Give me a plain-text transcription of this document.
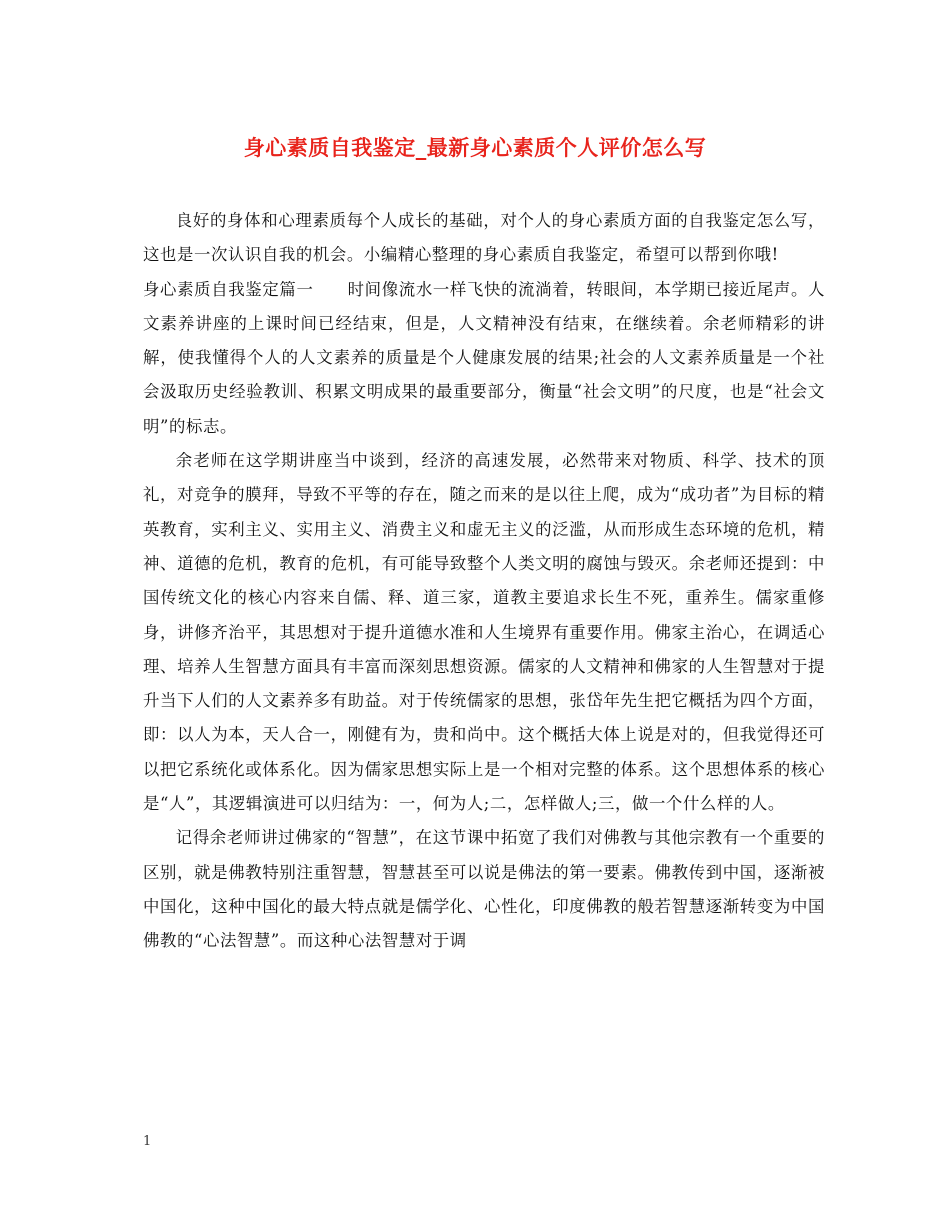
身心素质自我鉴定_最新身心素质个人评价怎么写

良好的身体和心理素质每个人成长的基础，对个人的身心素质方面的自我鉴定怎么写，这也是一次认识自我的机会。小编精心整理的身心素质自我鉴定，希望可以帮到你哦!

身心素质自我鉴定篇一　　时间像流水一样飞快的流淌着，转眼间，本学期已接近尾声。人文素养讲座的上课时间已经结束，但是，人文精神没有结束，在继续着。余老师精彩的讲解，使我懂得个人的人文素养的质量是个人健康发展的结果;社会的人文素养质量是一个社会汲取历史经验教训、积累文明成果的最重要部分，衡量“社会文明”的尺度，也是“社会文明”的标志。

余老师在这学期讲座当中谈到，经济的高速发展，必然带来对物质、科学、技术的顶礼，对竞争的膜拜，导致不平等的存在，随之而来的是以往上爬，成为“成功者”为目标的精英教育，实利主义、实用主义、消费主义和虚无主义的泛滥，从而形成生态环境的危机，精神、道德的危机，教育的危机，有可能导致整个人类文明的腐蚀与毁灭。余老师还提到：中国传统文化的核心内容来自儒、释、道三家，道教主要追求长生不死，重养生。儒家重修身，讲修齐治平，其思想对于提升道德水准和人生境界有重要作用。佛家主治心，在调适心理、培养人生智慧方面具有丰富而深刻思想资源。儒家的人文精神和佛家的人生智慧对于提升当下人们的人文素养多有助益。对于传统儒家的思想，张岱年先生把它概括为四个方面，即：以人为本，天人合一，刚健有为，贵和尚中。这个概括大体上说是对的，但我觉得还可以把它系统化或体系化。因为儒家思想实际上是一个相对完整的体系。这个思想体系的核心是“人”，其逻辑演进可以归结为：一，何为人;二，怎样做人;三，做一个什么样的人。

记得余老师讲过佛家的“智慧”，在这节课中拓宽了我们对佛教与其他宗教有一个重要的区别，就是佛教特别注重智慧，智慧甚至可以说是佛法的第一要素。佛教传到中国，逐渐被中国化，这种中国化的最大特点就是儒学化、心性化，印度佛教的般若智慧逐渐转变为中国佛教的“心法智慧”。而这种心法智慧对于调

1
